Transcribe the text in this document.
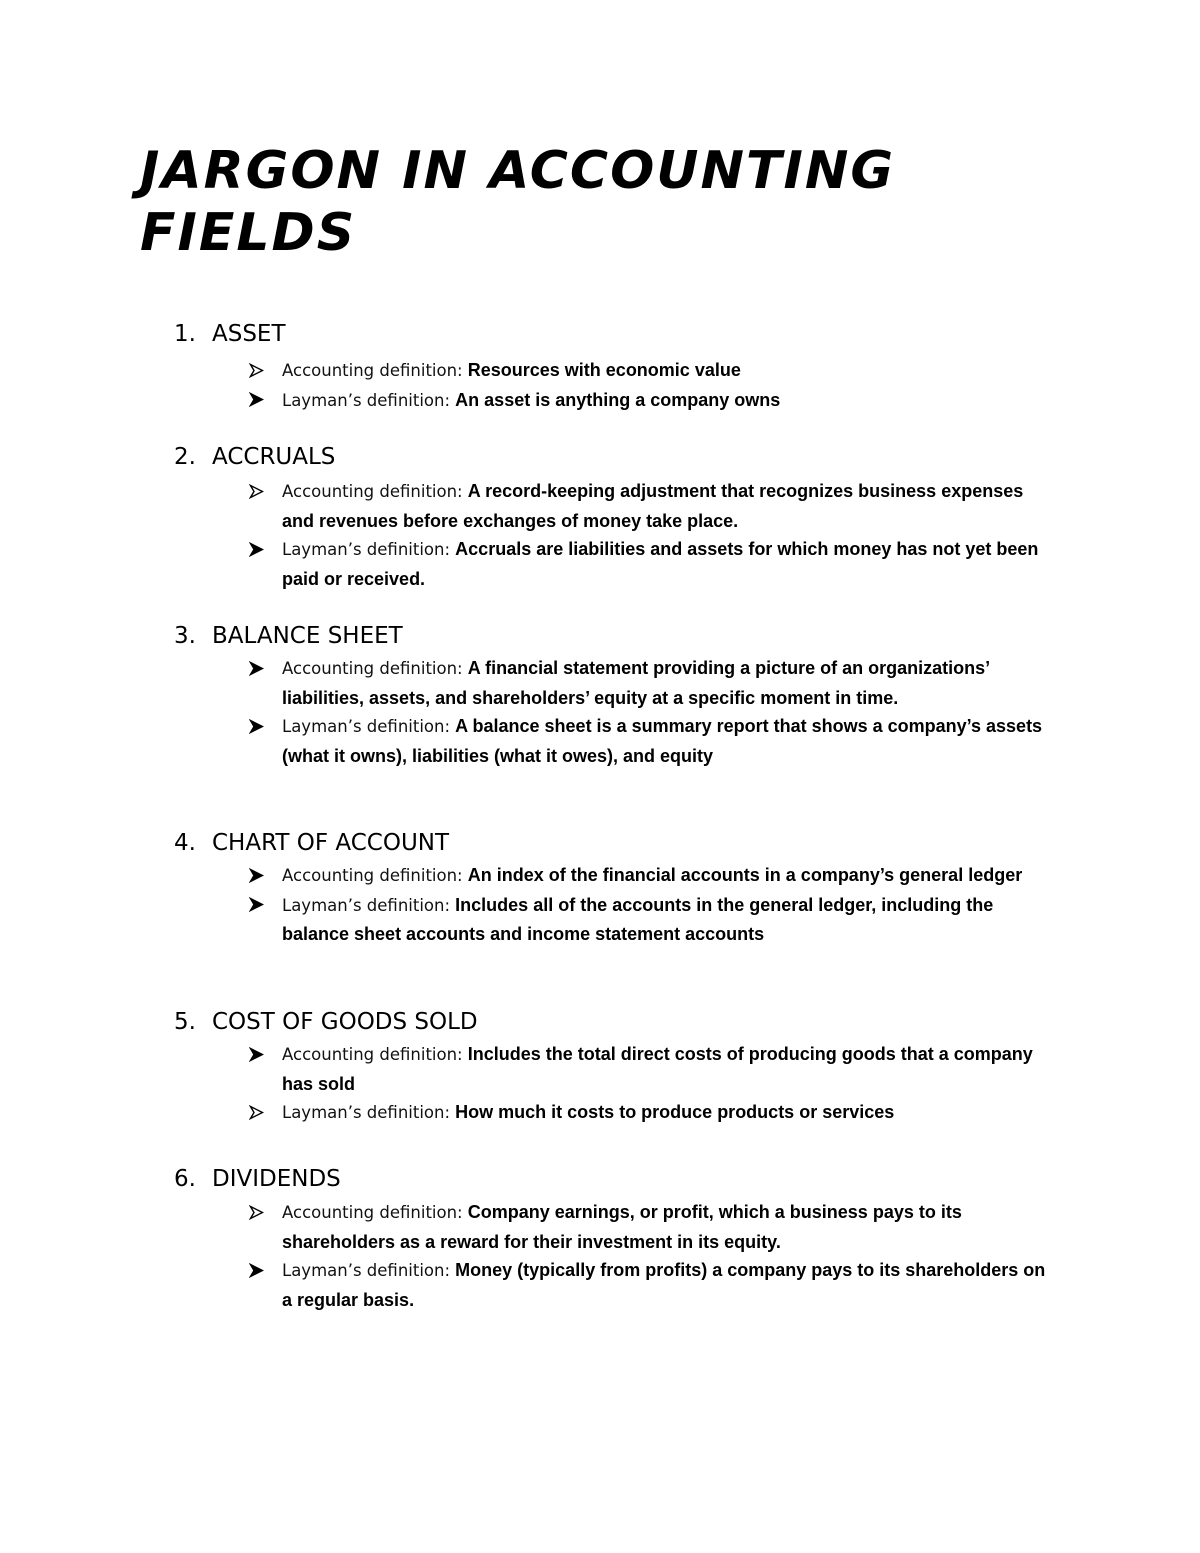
JARGON IN ACCOUNTING FIELDS
1. ASSET
Accounting definition: Resources with economic value
Layman’s definition: An asset is anything a company owns
2. ACCRUALS
Accounting definition: A record-keeping adjustment that recognizes business expenses and revenues before exchanges of money take place.
Layman’s definition: Accruals are liabilities and assets for which money has not yet been paid or received.
3. BALANCE SHEET
Accounting definition: A financial statement providing a picture of an organizations’ liabilities, assets, and shareholders’ equity at a specific moment in time.
Layman’s definition: A balance sheet is a summary report that shows a company’s assets (what it owns), liabilities (what it owes), and equity
4. CHART OF ACCOUNT
Accounting definition: An index of the financial accounts in a company’s general ledger
Layman’s definition: Includes all of the accounts in the general ledger, including the balance sheet accounts and income statement accounts
5. COST OF GOODS SOLD
Accounting definition: Includes the total direct costs of producing goods that a company has sold
Layman’s definition: How much it costs to produce products or services
6. DIVIDENDS
Accounting definition: Company earnings, or profit, which a business pays to its shareholders as a reward for their investment in its equity.
Layman’s definition: Money (typically from profits) a company pays to its shareholders on a regular basis.
